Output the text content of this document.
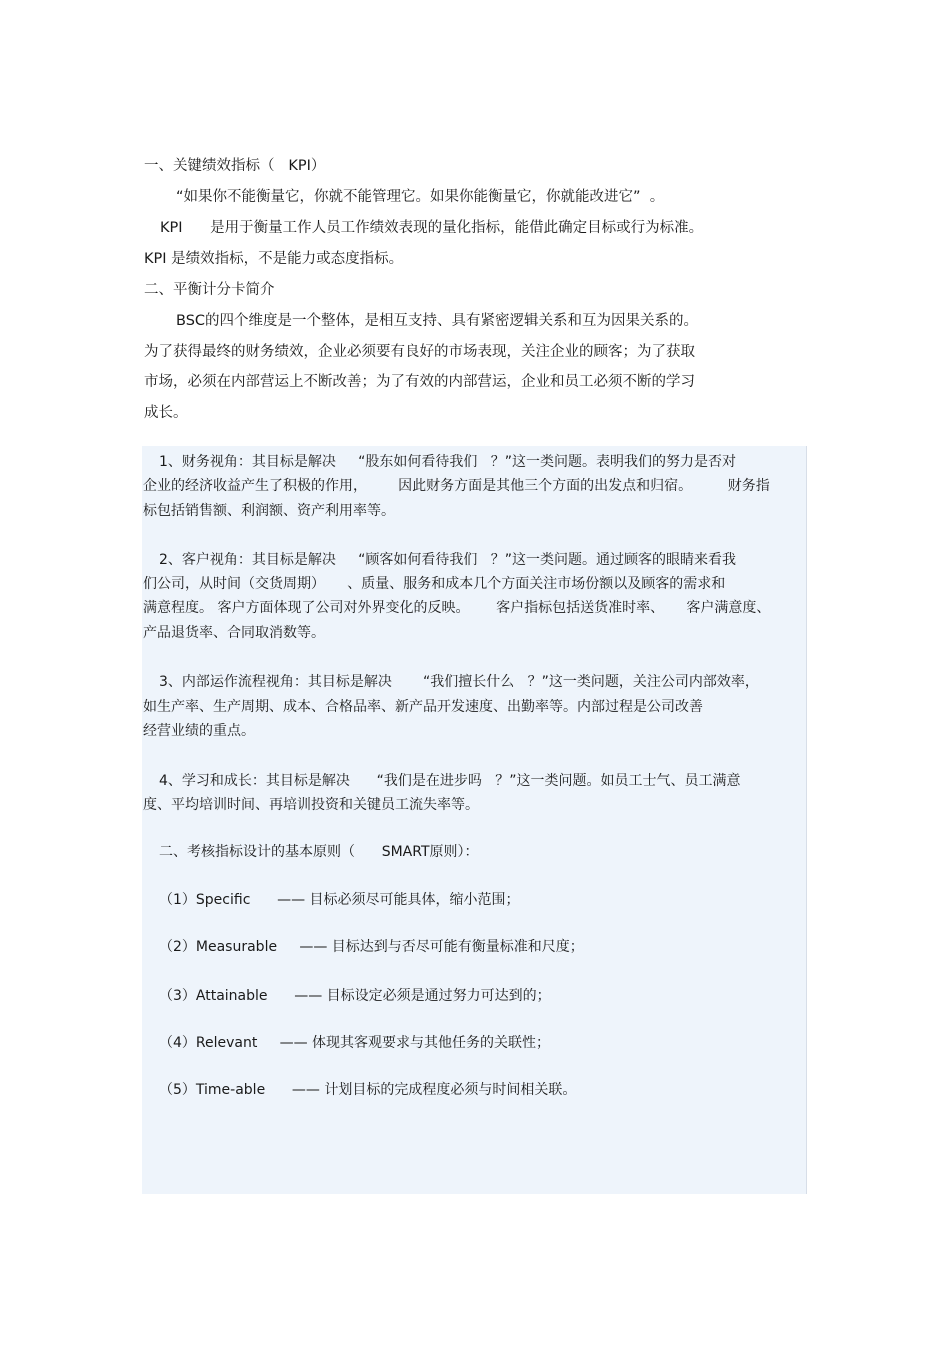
一、关键绩效指标（   KPI）
“如果你不能衡量它，你就不能管理它。如果你能衡量它，你就能改进它”  。
KPI      是用于衡量工作人员工作绩效表现的量化指标，能借此确定目标或行为标准。
KPI 是绩效指标，不是能力或态度指标。
二、平衡计分卡简介
BSC的四个维度是一个整体，是相互支持、具有紧密逻辑关系和互为因果关系的。
为了获得最终的财务绩效，企业必须要有良好的市场表现，关注企业的顾客；为了获取
市场，必须在内部营运上不断改善；为了有效的内部营运，企业和员工必须不断的学习
成长。
1、财务视角：其目标是解决     “股东如何看待我们   ？”这一类问题。表明我们的努力是否对
企业的经济收益产生了积极的作用，       因此财务方面是其他三个方面的出发点和归宿。        财务指
标包括销售额、利润额、资产利用率等。
2、客户视角：其目标是解决     “顾客如何看待我们   ？”这一类问题。通过顾客的眼睛来看我
们公司，从时间（交货周期）     、质量、服务和成本几个方面关注市场份额以及顾客的需求和
满意程度。 客户方面体现了公司对外界变化的反映。      客户指标包括送货准时率、     客户满意度、
产品退货率、合同取消数等。
3、内部运作流程视角：其目标是解决       “我们擅长什么   ？”这一类问题，关注公司内部效率，
如生产率、生产周期、成本、合格品率、新产品开发速度、出勤率等。内部过程是公司改善
经营业绩的重点。
4、学习和成长：其目标是解决      “我们是在进步吗   ？”这一类问题。如员工士气、员工满意
度、平均培训时间、再培训投资和关键员工流失率等。
二、考核指标设计的基本原则（      SMART原则）：
（1）Specific      —— 目标必须尽可能具体，缩小范围；
（2）Measurable     —— 目标达到与否尽可能有衡量标准和尺度；
（3）Attainable      —— 目标设定必须是通过努力可达到的；
（4）Relevant     —— 体现其客观要求与其他任务的关联性；
（5）Time-able      —— 计划目标的完成程度必须与时间相关联。
